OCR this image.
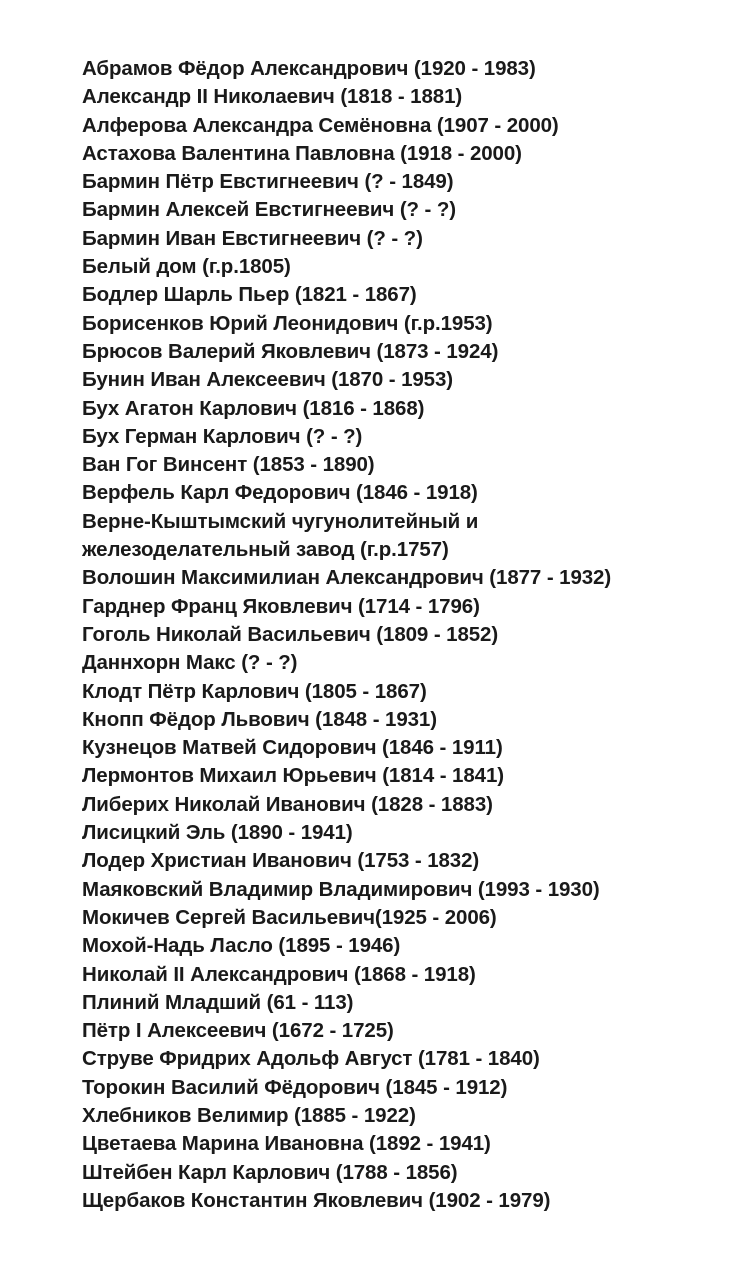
Абрамов Фёдор Александрович (1920 - 1983)
Александр II Николаевич (1818 - 1881)
Алферова Александра Семёновна (1907 - 2000)
Астахова Валентина Павловна (1918 - 2000)
Бармин Пётр Евстигнеевич (? - 1849)
Бармин Алексей Евстигнеевич (? - ?)
Бармин Иван Евстигнеевич (? - ?)
Белый дом (г.р.1805)
Бодлер Шарль Пьер (1821 - 1867)
Борисенков Юрий Леонидович (г.р.1953)
Брюсов Валерий Яковлевич (1873 - 1924)
Бунин Иван Алексеевич (1870 - 1953)
Бух Агатон Карлович (1816 - 1868)
Бух Герман Карлович (? - ?)
Ван Гог Винсент (1853 - 1890)
Верфель Карл Федорович (1846 - 1918)
Верне-Кыштымский чугунолитейный и
железоделательный завод (г.р.1757)
Волошин Максимилиан Александрович (1877 - 1932)
Гарднер Франц Яковлевич (1714 - 1796)
Гоголь Николай Васильевич (1809 - 1852)
Даннхорн Макс (? - ?)
Клодт Пётр Карлович (1805 - 1867)
Кнопп Фёдор Львович (1848 - 1931)
Кузнецов Матвей Сидорович (1846 - 1911)
Лермонтов Михаил Юрьевич (1814 - 1841)
Либерих Николай Иванович (1828 - 1883)
Лисицкий Эль (1890 - 1941)
Лодер Христиан Иванович (1753 - 1832)
Маяковский Владимир Владимирович (1993 - 1930)
Мокичев Сергей Васильевич(1925 - 2006)
Мохой-Надь Ласло (1895 - 1946)
Николай II Александрович (1868 - 1918)
Плиний Младший (61 - 113)
Пётр I Алексеевич (1672 - 1725)
Струве Фридрих Адольф Август (1781 - 1840)
Торокин Василий Фёдорович (1845 - 1912)
Хлебников Велимир (1885 - 1922)
Цветаева Марина Ивановна (1892 - 1941)
Штейбен Карл Карлович (1788 - 1856)
Щербаков Константин Яковлевич (1902 - 1979)
